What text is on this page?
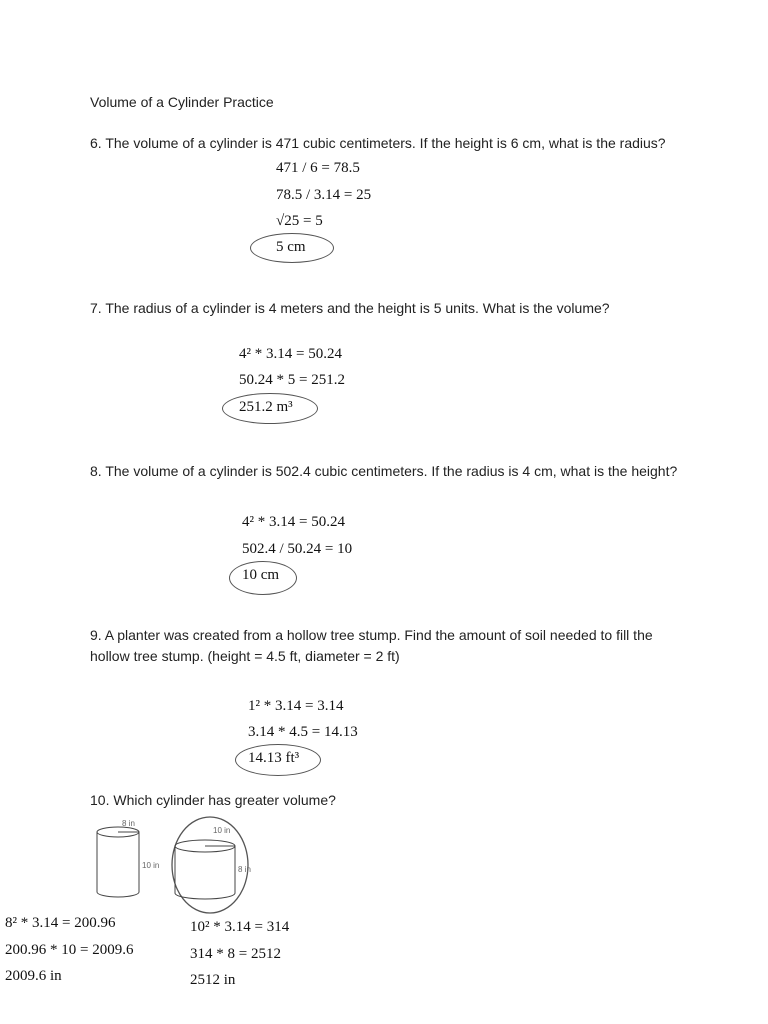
Volume of a Cylinder Practice
6. The volume of a cylinder is 471 cubic centimeters. If the height is 6 cm, what is the radius?
471 / 6 = 78.5
78.5 / 3.14 = 25
√25 = 5
5 cm
7. The radius of a cylinder is 4 meters and the height is 5 units. What is the volume?
4² * 3.14 = 50.24
50.24 * 5 = 251.2
251.2 m³
8. The volume of a cylinder is 502.4 cubic centimeters. If the radius is 4 cm, what is the height?
4² * 3.14 = 50.24
502.4 / 50.24 = 10
10 cm
9. A planter was created from a hollow tree stump. Find the amount of soil needed to fill the hollow tree stump. (height = 4.5 ft, diameter = 2 ft)
1² * 3.14 = 3.14
3.14 * 4.5 = 14.13
14.13 ft³
10. Which cylinder has greater volume?
8 in
10 in
10 in
8 in
8² * 3.14 = 200.96
200.96 * 10 = 2009.6
2009.6 in
10² * 3.14 = 314
314 * 8 = 2512
2512 in
